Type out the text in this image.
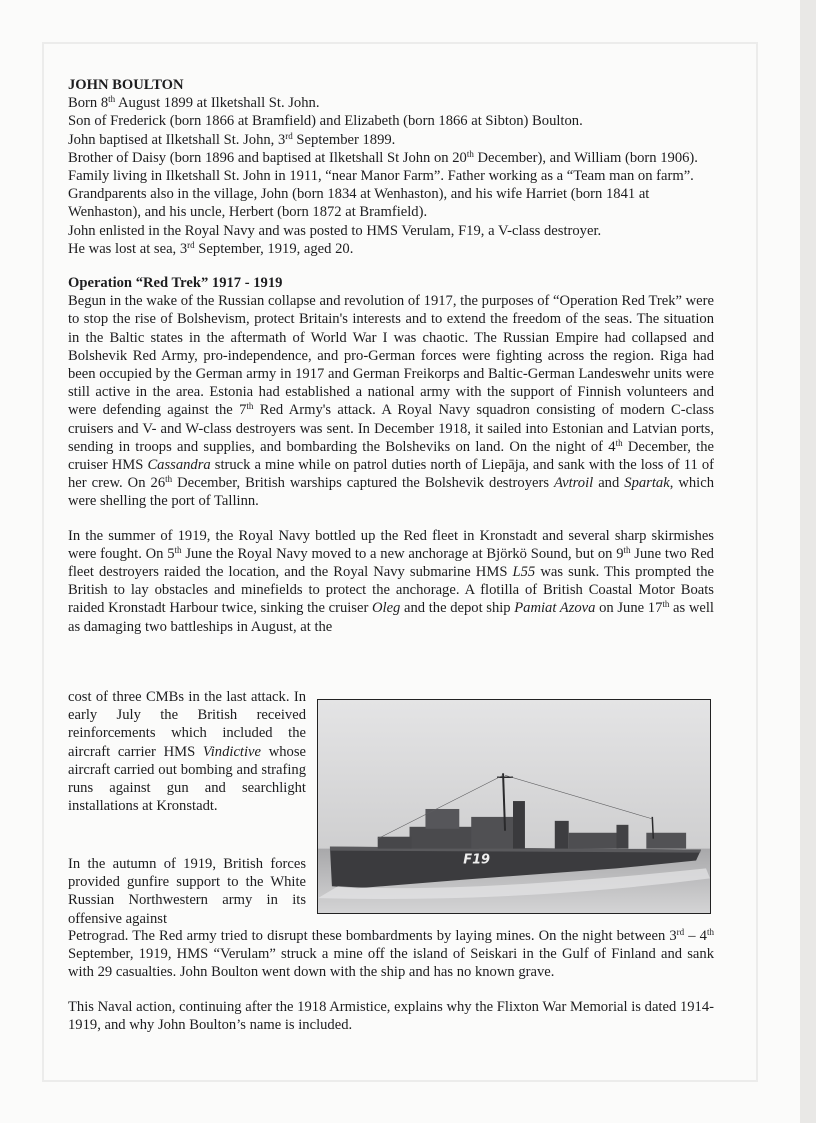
JOHN BOULTON

Born 8th August 1899 at Ilketshall St. John.

Son of Frederick (born 1866 at Bramfield) and Elizabeth (born 1866 at Sibton) Boulton.

John baptised at Ilketshall St. John, 3rd September 1899.

Brother of Daisy (born 1896 and baptised at Ilketshall St John on 20th December), and William (born 1906).

Family living in Ilketshall St. John in 1911, “near Manor Farm”. Father working as a “Team man on farm”. Grandparents also in the village, John (born 1834 at Wenhaston), and his wife Harriet (born 1841 at Wenhaston), and his uncle, Herbert (born 1872 at Bramfield).

John enlisted in the Royal Navy and was posted to HMS Verulam, F19, a V-class destroyer.

He was lost at sea, 3rd September, 1919, aged 20.

Operation “Red Trek” 1917 - 1919

Begun in the wake of the Russian collapse and revolution of 1917, the purposes of “Operation Red Trek” were to stop the rise of Bolshevism, protect Britain's interests and to extend the freedom of the seas. The situation in the Baltic states in the aftermath of World War I was chaotic. The Russian Empire had collapsed and Bolshevik Red Army, pro-independence, and pro-German forces were fighting across the region. Riga had been occupied by the German army in 1917 and German Freikorps and Baltic-German Landeswehr units were still active in the area. Estonia had established a national army with the support of Finnish volunteers and were defending against the 7th Red Army's attack. A Royal Navy squadron consisting of modern C-class cruisers and V- and W-class destroyers was sent. In December 1918, it sailed into Estonian and Latvian ports, sending in troops and supplies, and bombarding the Bolsheviks on land. On the night of 4th December, the cruiser HMS Cassandra struck a mine while on patrol duties north of Liepāja, and sank with the loss of 11 of her crew. On 26th December, British warships captured the Bolshevik destroyers Avtroil and Spartak, which were shelling the port of Tallinn.

In the summer of 1919, the Royal Navy bottled up the Red fleet in Kronstadt and several sharp skirmishes were fought. On 5th June the Royal Navy moved to a new anchorage at Björkö Sound, but on 9th June two Red fleet destroyers raided the location, and the Royal Navy submarine HMS L55 was sunk. This prompted the British to lay obstacles and minefields to protect the anchorage. A flotilla of British Coastal Motor Boats raided Kronstadt Harbour twice, sinking the cruiser Oleg and the depot ship Pamiat Azova on June 17th as well as damaging two battleships in August, at the

cost of three CMBs in the last attack. In early July the British received reinforcements which included the aircraft carrier HMS Vindictive whose aircraft carried out bombing and strafing runs against gun and searchlight installations at Kronstadt.
In the autumn of 1919, British forces provided gunfire support to the White Russian Northwestern army in its offensive against
F19

Petrograd. The Red army tried to disrupt these bombardments by laying mines. On the night between 3rd – 4th September, 1919, HMS “Verulam” struck a mine off the island of Seiskari in the Gulf of Finland and sank with 29 casualties. John Boulton went down with the ship and has no known grave.

This Naval action, continuing after the 1918 Armistice, explains why the Flixton War Memorial is dated 1914- 1919, and why John Boulton’s name is included.
